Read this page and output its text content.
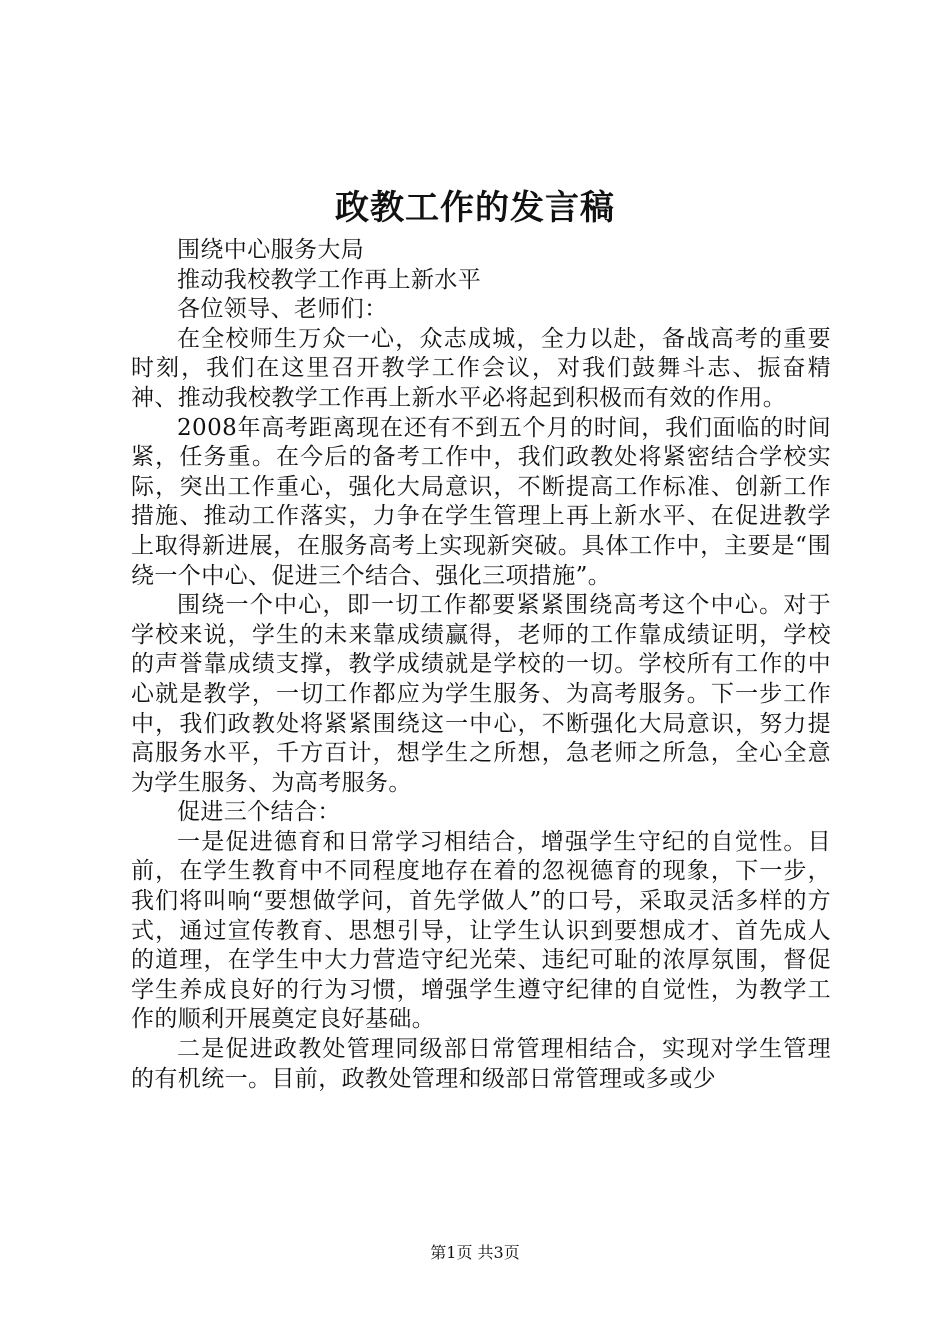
政教工作的发言稿

围绕中心服务大局

推动我校教学工作再上新水平

各位领导、老师们：

在全校师生万众一心，众志成城，全力以赴，备战高考的重要时刻，我们在这里召开教学工作会议，对我们鼓舞斗志、振奋精神、推动我校教学工作再上新水平必将起到积极而有效的作用。

2008年高考距离现在还有不到五个月的时间，我们面临的时间紧，任务重。在今后的备考工作中，我们政教处将紧密结合学校实际，突出工作重心，强化大局意识，不断提高工作标准、创新工作措施、推动工作落实，力争在学生管理上再上新水平、在促进教学上取得新进展，在服务高考上实现新突破。具体工作中，主要是“围绕一个中心、促进三个结合、强化三项措施”。

围绕一个中心，即一切工作都要紧紧围绕高考这个中心。对于学校来说，学生的未来靠成绩赢得，老师的工作靠成绩证明，学校的声誉靠成绩支撑，教学成绩就是学校的一切。学校所有工作的中心就是教学，一切工作都应为学生服务、为高考服务。下一步工作中，我们政教处将紧紧围绕这一中心，不断强化大局意识，努力提高服务水平，千方百计，想学生之所想，急老师之所急，全心全意为学生服务、为高考服务。

促进三个结合：

一是促进德育和日常学习相结合，增强学生守纪的自觉性。目前，在学生教育中不同程度地存在着的忽视德育的现象，下一步，我们将叫响“要想做学问，首先学做人”的口号，采取灵活多样的方式，通过宣传教育、思想引导，让学生认识到要想成才、首先成人的道理，在学生中大力营造守纪光荣、违纪可耻的浓厚氛围，督促学生养成良好的行为习惯，增强学生遵守纪律的自觉性，为教学工作的顺利开展奠定良好基础。

二是促进政教处管理同级部日常管理相结合，实现对学生管理的有机统一。目前，政教处管理和级部日常管理或多或少

第1页 共3页
